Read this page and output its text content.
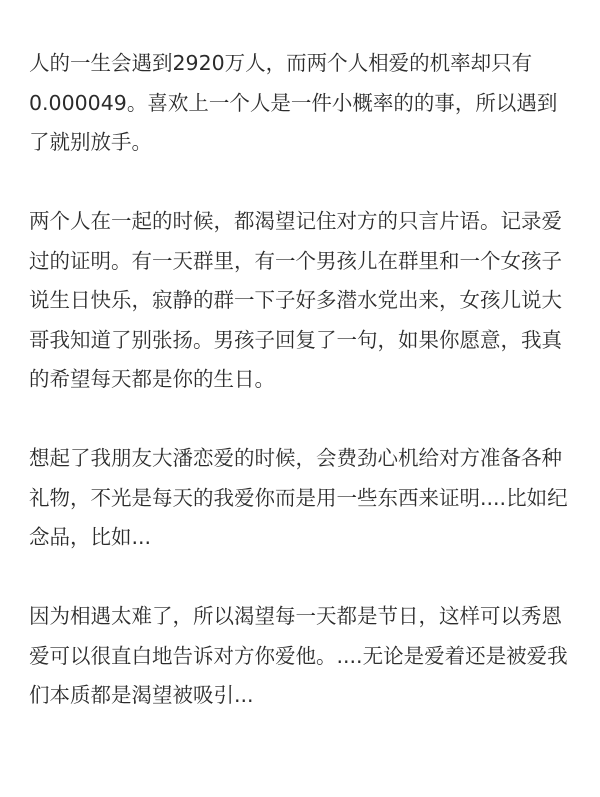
人的一生会遇到2920万人，而两个人相爱的机率却只有
0.000049。喜欢上一个人是一件小概率的的事，所以遇到
了就别放手。

两个人在一起的时候，都渴望记住对方的只言片语。记录爱
过的证明。有一天群里，有一个男孩儿在群里和一个女孩子
说生日快乐，寂静的群一下子好多潜水党出来，女孩儿说大
哥我知道了别张扬。男孩子回复了一句，如果你愿意，我真
的希望每天都是你的生日。

想起了我朋友大潘恋爱的时候，会费劲心机给对方准备各种
礼物，不光是每天的我爱你而是用一些东西来证明....比如纪
念品，比如...

因为相遇太难了，所以渴望每一天都是节日，这样可以秀恩
爱可以很直白地告诉对方你爱他。....无论是爱着还是被爱我
们本质都是渴望被吸引...
